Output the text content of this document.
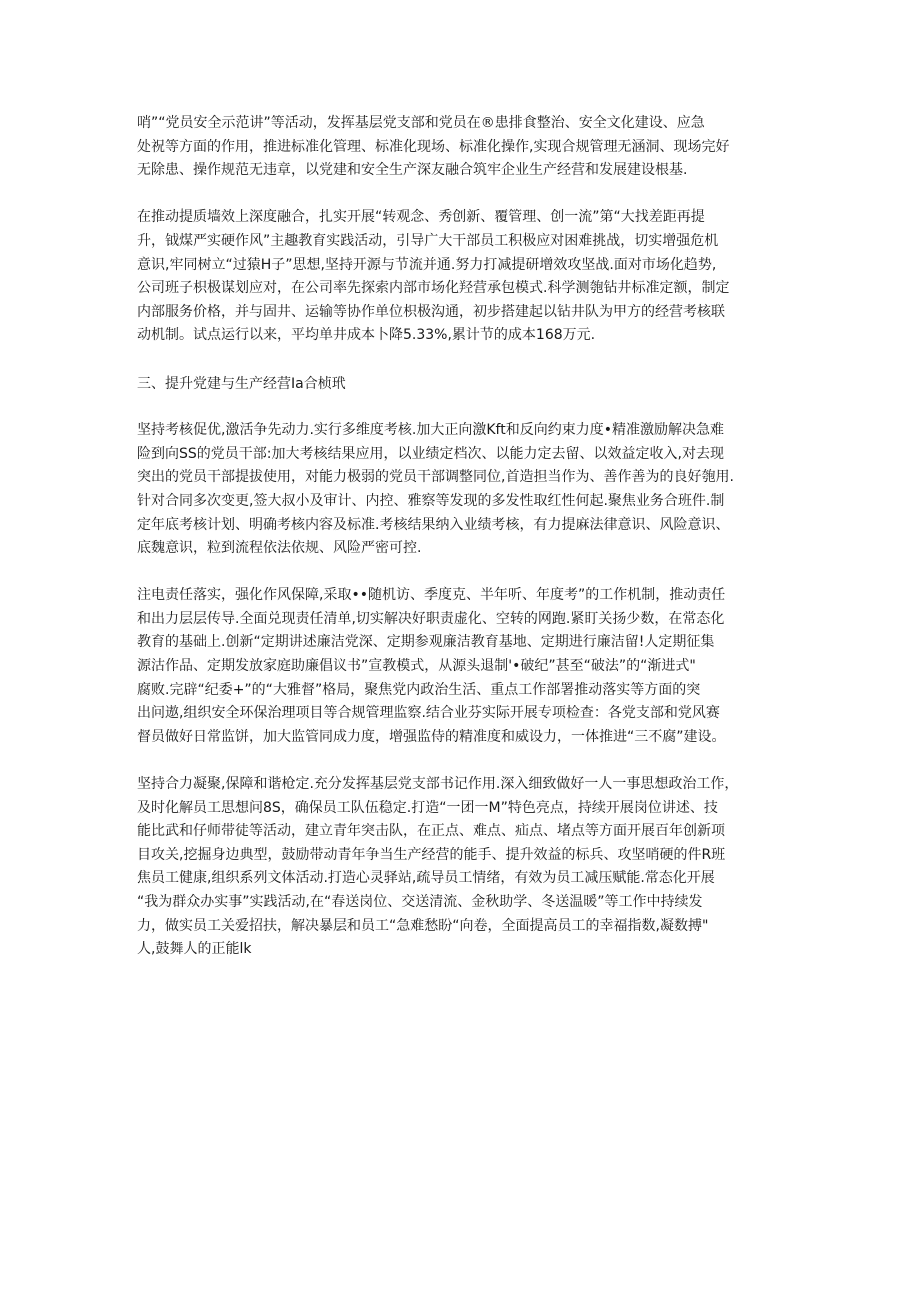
哨”“党员安全示范讲”等活动，发挥基层党支部和党员在®患排食整治、安全文化建设、应急
处祝等方面的作用，推进标准化管理、标准化现场、标准化操作,实现合规管理无涵洞、现场完好
无除患、操作规范无违章，以党建和安全生产深友融合筑牢企业生产经营和发展建设根基.
在推动提质墙效上深度融合，扎实开展“转观念、秀创新、覆管理、创一流”第“大找差距再提
升，钺煤严实硬作风”主趣教育实践活动，引导广大干部员工积极应对困难挑战，切实增强危机
意识,牢同树立“过猿H子”思想,坚持开源与节流并通.努力打减提研增效攻坚战.面对市场化趋势,
公司班子枳极谋划应对，在公司率先探索内部市场化羟营承包模式.科学测匏钻井标准定额，制定
内部服务价格，并与固井、运输等协作单位枳极沟通，初步搭建起以钻井队为甲方的经营考核联
动机制。试点运行以来，平均单井成本卜降5.33%,累计节的成本168万元.
三、提升党建与生产经营Ia合桢玳
坚持考核促优,激活争先动力.实行多维度考核.加大正向激Kft和反向约束力度•精准激励解决急难
险到向SS的党员干部:加大考核结果应用，以业绩定档次、以能力定去留、以效益定收入,对去现
突出的党员干部提拔使用，对能力极弱的党员干部调整同位,首造担当作为、善作善为的良好匏用.
针对合同多次变更,签大叔小及审计、内控、雅察等发现的多发性取红性何起.聚焦业务合班件.制
定年底考核计划、明确考核内容及标准.考核结果纳入业绩考核，有力提麻法律意识、风险意识、
底魏意识，粒到流程依法依规、风险严密可控.
注电责任落实，强化作风保障,采取••随机访、季度克、半年听、年度考”的工作机制，推动责任
和出力层层传导.全面兑现责任清单,切实解决好职责虚化、空转的网跑.紧盯关扬少数，在常态化
教育的基础上.创新“定期讲述廉洁党深、定期参观廉洁教育基地、定期进行廉洁留!人定期征集
源沽作品、定期发放家庭助廉倡议书”宣教模式，从源头退制'•破纪”甚至“破法”的“渐进式"
腐败.完辟“纪委+”的“大雅督”格局，聚焦党内政治生活、重点工作部署推动落实等方面的突
出问遨,组织安全环保治理项目等合规管理监察.结合业芬实际开展专项检查：各党支部和党风赛
督员做好日常监饼，加大监管同成力度，增强监侍的精准度和威设力，一体推进“三不腐”建设。
坚持合力凝聚,保障和谐枪定.充分发挥基层党支部书记作用.深入细致做好一人一事思想政治工作，
及时化解员工思想问8S，确保员工队伍稳定.打造“一团一M”特色亮点，持续开展岗位讲述、技
能比武和仔师带徒等活动，建立青年突击队，在正点、难点、疝点、堵点等方面开展百年创新项
目攻关,挖掘身边典型，鼓励带动青年争当生产经营的能手、提升效益的标兵、攻坚哨硬的件R班
焦员工健康,组织系列文体活动.打造心灵驿站,疏导员工情绪，有效为员工减压赋能.常态化开展
“我为群众办实事”实践活动,在“春送岗位、交送清流、金秋助学、冬送温暖”等工作中持续发
力，做实员工关爱招扶，解决暴层和员工“急难愁盼“向卷，全面提高员工的幸福指数,凝数搏"
人,鼓舞人的正能lk
